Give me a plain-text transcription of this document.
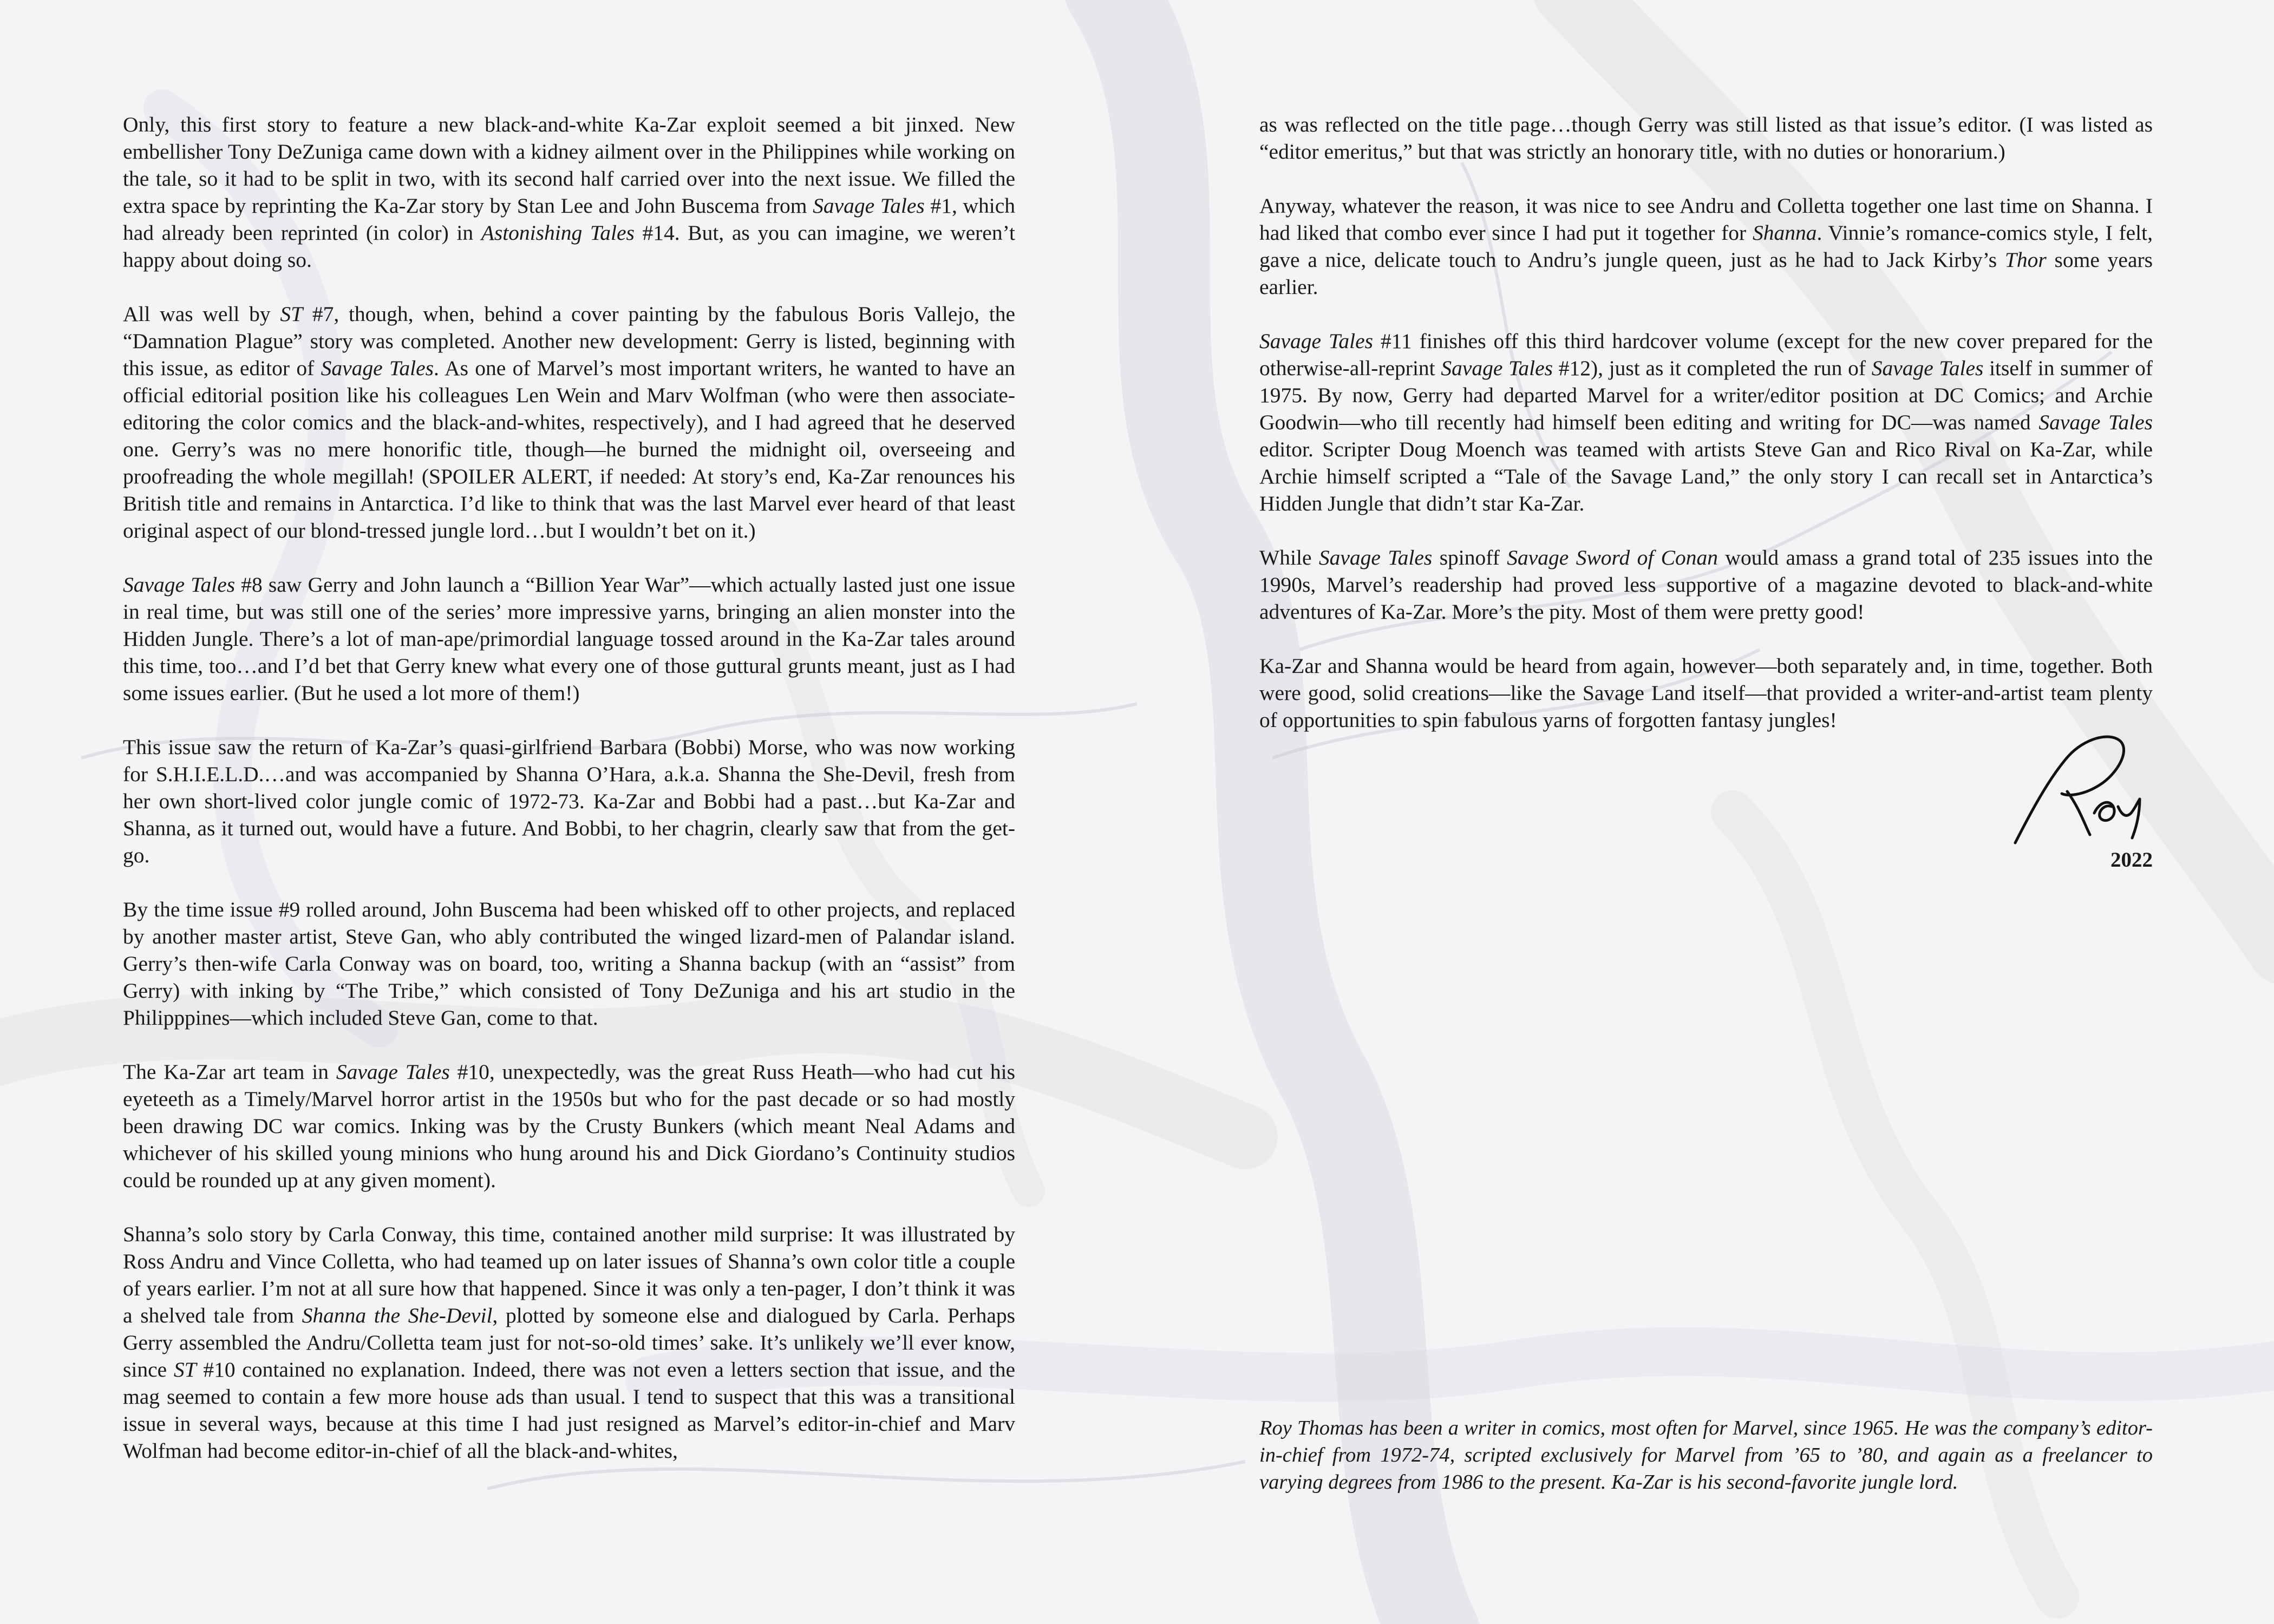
Only, this first story to feature a new black-and-white Ka-Zar exploit seemed a bit jinxed. New embellisher Tony DeZuniga came down with a kidney ailment over in the Philippines while working on the tale, so it had to be split in two, with its second half carried over into the next issue. We filled the extra space by reprinting the Ka-Zar story by Stan Lee and John Buscema from Savage Tales #1, which had already been reprinted (in color) in Astonishing Tales #14. But, as you can imagine, we weren’t happy about doing so.

All was well by ST #7, though, when, behind a cover painting by the fabulous Boris Vallejo, the “Damnation Plague” story was completed. Another new development: Gerry is listed, beginning with this issue, as editor of Savage Tales. As one of Marvel’s most important writers, he wanted to have an official editorial position like his colleagues Len Wein and Marv Wolfman (who were then associate-editoring the color comics and the black-and-whites, respectively), and I had agreed that he deserved one. Gerry’s was no mere honorific title, though—he burned the midnight oil, overseeing and proofreading the whole megillah! (SPOILER ALERT, if needed: At story’s end, Ka-Zar renounces his British title and remains in Antarctica. I’d like to think that was the last Marvel ever heard of that least original aspect of our blond-tressed jungle lord…but I wouldn’t bet on it.)

Savage Tales #8 saw Gerry and John launch a “Billion Year War”—which actually lasted just one issue in real time, but was still one of the series’ more impressive yarns, bringing an alien monster into the Hidden Jungle. There’s a lot of man-ape/primordial language tossed around in the Ka-Zar tales around this time, too…and I’d bet that Gerry knew what every one of those guttural grunts meant, just as I had some issues earlier. (But he used a lot more of them!)

This issue saw the return of Ka-Zar’s quasi-girlfriend Barbara (Bobbi) Morse, who was now working for S.H.I.E.L.D.…and was accompanied by Shanna O’Hara, a.k.a. Shanna the She-Devil, fresh from her own short-lived color jungle comic of 1972-73. Ka-Zar and Bobbi had a past…but Ka-Zar and Shanna, as it turned out, would have a future. And Bobbi, to her chagrin, clearly saw that from the get-go.

By the time issue #9 rolled around, John Buscema had been whisked off to other projects, and replaced by another master artist, Steve Gan, who ably contributed the winged lizard-men of Palandar island. Gerry’s then-wife Carla Conway was on board, too, writing a Shanna backup (with an “assist” from Gerry) with inking by “The Tribe,” which consisted of Tony DeZuniga and his art studio in the Philipppines—which included Steve Gan, come to that.

The Ka-Zar art team in Savage Tales #10, unexpectedly, was the great Russ Heath—who had cut his eyeteeth as a Timely/Marvel horror artist in the 1950s but who for the past decade or so had mostly been drawing DC war comics. Inking was by the Crusty Bunkers (which meant Neal Adams and whichever of his skilled young minions who hung around his and Dick Giordano’s Continuity studios could be rounded up at any given moment).

Shanna’s solo story by Carla Conway, this time, contained another mild surprise: It was illustrated by Ross Andru and Vince Colletta, who had teamed up on later issues of Shanna’s own color title a couple of years earlier. I’m not at all sure how that happened. Since it was only a ten-pager, I don’t think it was a shelved tale from Shanna the She-Devil, plotted by someone else and dialogued by Carla. Perhaps Gerry assembled the Andru/Colletta team just for not-so-old times’ sake. It’s unlikely we’ll ever know, since ST #10 contained no explanation. Indeed, there was not even a letters section that issue, and the mag seemed to contain a few more house ads than usual. I tend to suspect that this was a transitional issue in several ways, because at this time I had just resigned as Marvel’s editor-in-chief and Marv Wolfman had become editor-in-chief of all the black-and-whites,

as was reflected on the title page…though Gerry was still listed as that issue’s editor. (I was listed as “editor emeritus,” but that was strictly an honorary title, with no duties or honorarium.)

Anyway, whatever the reason, it was nice to see Andru and Colletta together one last time on Shanna. I had liked that combo ever since I had put it together for Shanna. Vinnie’s romance-comics style, I felt, gave a nice, delicate touch to Andru’s jungle queen, just as he had to Jack Kirby’s Thor some years earlier.

Savage Tales #11 finishes off this third hardcover volume (except for the new cover prepared for the otherwise-all-reprint Savage Tales #12), just as it completed the run of Savage Tales itself in summer of 1975. By now, Gerry had departed Marvel for a writer/editor position at DC Comics; and Archie Goodwin—who till recently had himself been editing and writing for DC—was named Savage Tales editor. Scripter Doug Moench was teamed with artists Steve Gan and Rico Rival on Ka-Zar, while Archie himself scripted a “Tale of the Savage Land,” the only story I can recall set in Antarctica’s Hidden Jungle that didn’t star Ka-Zar.

While Savage Tales spinoff Savage Sword of Conan would amass a grand total of 235 issues into the 1990s, Marvel’s readership had proved less supportive of a magazine devoted to black-and-white adventures of Ka-Zar. More’s the pity. Most of them were pretty good!

Ka-Zar and Shanna would be heard from again, however—both separately and, in time, together. Both were good, solid creations—like the Savage Land itself—that provided a writer-and-artist team plenty of opportunities to spin fabulous yarns of forgotten fantasy jungles!

2022

Roy Thomas has been a writer in comics, most often for Marvel, since 1965. He was the company’s editor-in-chief from 1972-74, scripted exclusively for Marvel from ’65 to ’80, and again as a freelancer to varying degrees from 1986 to the present. Ka-Zar is his second-favorite jungle lord.
